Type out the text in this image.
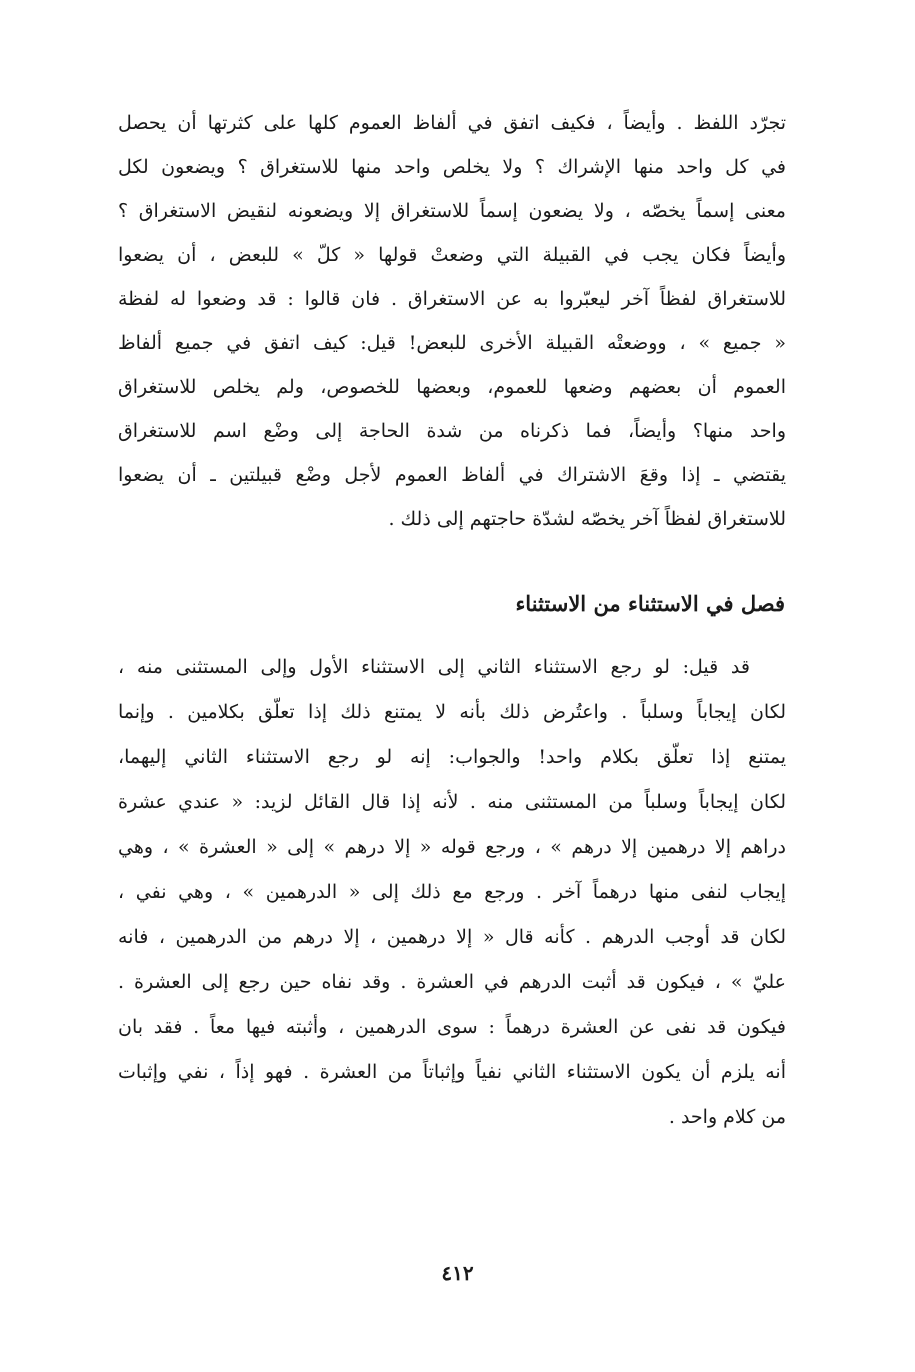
تجرّد اللفظ . وأيضاً ، فكيف اتفق في ألفاظ العموم كلها على كثرتها أن يحصل
في كل واحد منها الإشراك ؟ ولا يخلص واحد منها للاستغراق ؟ ويضعون لكل
معنى إسماً يخصّه ، ولا يضعون إسماً للاستغراق إلا ويضعونه لنقيض الاستغراق ؟
وأيضاً فكان يجب في القبيلة التي وضعتْ قولها « كلّ » للبعض ، أن يضعوا
للاستغراق لفظاً آخر ليعبّروا به عن الاستغراق . فان قالوا : قد وضعوا له لفظة
« جميع » ، ووضعتْه القبيلة الأخرى للبعض! قيل: كيف اتفق في جميع ألفاظ
العموم أن بعضهم وضعها للعموم، وبعضها للخصوص، ولم يخلص للاستغراق
واحد منها؟ وأيضاً، فما ذكرناه من شدة الحاجة إلى وضْع اسم للاستغراق
يقتضي ـ إذا وقعَ الاشتراك في ألفاظ العموم لأجل وضْع قبيلتين ـ أن يضعوا
للاستغراق لفظاً آخر يخصّه لشدّة حاجتهم إلى ذلك .
فصل في الاستثناء من الاستثناء
قد قيل: لو رجع الاستثناء الثاني إلى الاستثناء الأول وإلى المستثنى منه ،
لكان إيجاباً وسلباً . واعتُرض ذلك بأنه لا يمتنع ذلك إذا تعلّق بكلامين . وإنما
يمتنع إذا تعلّق بكلام واحد! والجواب: إنه لو رجع الاستثناء الثاني إليهما،
لكان إيجاباً وسلباً من المستثنى منه . لأنه إذا قال القائل لزيد: « عندي عشرة
دراهم إلا درهمين إلا درهم » ، ورجع قوله « إلا درهم » إلى « العشرة » ، وهي
إيجاب لنفى منها درهماً آخر . ورجع مع ذلك إلى « الدرهمين » ، وهي نفي ،
لكان قد أوجب الدرهم . كأنه قال « إلا درهمين ، إلا درهم من الدرهمين ، فانه
عليّ » ، فيكون قد أثبت الدرهم في العشرة . وقد نفاه حين رجع إلى العشرة .
فيكون قد نفى عن العشرة درهماً : سوى الدرهمين ، وأثبته فيها معاً . فقد بان
أنه يلزم أن يكون الاستثناء الثاني نفياً وإثباتاً من العشرة . فهو إذاً ، نفي وإثبات
من كلام واحد .
٤١٢
